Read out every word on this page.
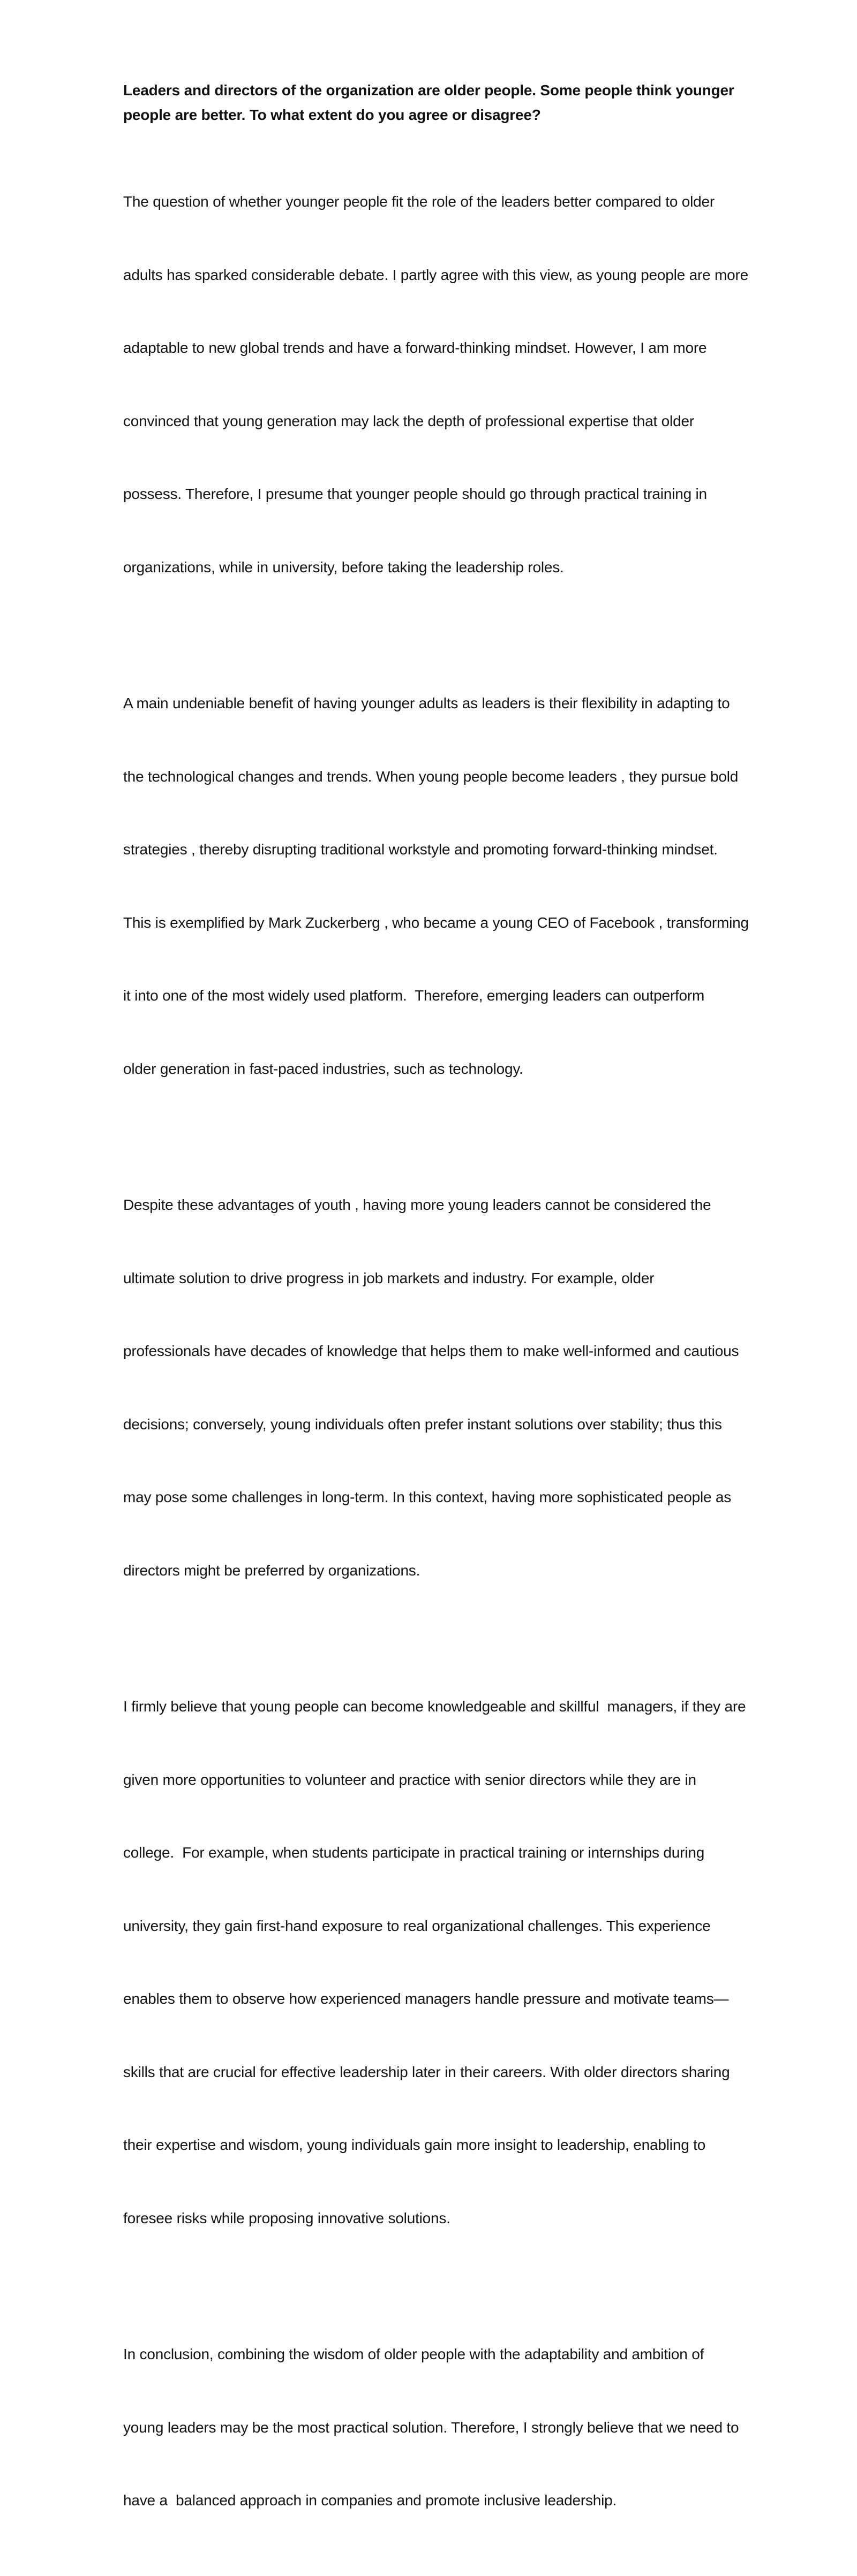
Leaders and directors of the organization are older people. Some people think younger
people are better. To what extent do you agree or disagree?

The question of whether younger people fit the role of the leaders better compared to older

adults has sparked considerable debate. I partly agree with this view, as young people are more

adaptable to new global trends and have a forward-thinking mindset. However, I am more

convinced that young generation may lack the depth of professional expertise that older

possess. Therefore, I presume that younger people should go through practical training in

organizations, while in university, before taking the leadership roles.

A main undeniable benefit of having younger adults as leaders is their flexibility in adapting to

the technological changes and trends. When young people become leaders , they pursue bold

strategies , thereby disrupting traditional workstyle and promoting forward-thinking mindset.

This is exemplified by Mark Zuckerberg , who became a young CEO of Facebook , transforming

it into one of the most widely used platform.  Therefore, emerging leaders can outperform

older generation in fast-paced industries, such as technology.

Despite these advantages of youth , having more young leaders cannot be considered the

ultimate solution to drive progress in job markets and industry. For example, older

professionals have decades of knowledge that helps them to make well-informed and cautious

decisions; conversely, young individuals often prefer instant solutions over stability; thus this

may pose some challenges in long-term. In this context, having more sophisticated people as

directors might be preferred by organizations.

I firmly believe that young people can become knowledgeable and skillful  managers, if they are

given more opportunities to volunteer and practice with senior directors while they are in

college.  For example, when students participate in practical training or internships during

university, they gain first-hand exposure to real organizational challenges. This experience

enables them to observe how experienced managers handle pressure and motivate teams—

skills that are crucial for effective leadership later in their careers. With older directors sharing

their expertise and wisdom, young individuals gain more insight to leadership, enabling to

foresee risks while proposing innovative solutions.

In conclusion, combining the wisdom of older people with the adaptability and ambition of

young leaders may be the most practical solution. Therefore, I strongly believe that we need to

have a  balanced approach in companies and promote inclusive leadership.
